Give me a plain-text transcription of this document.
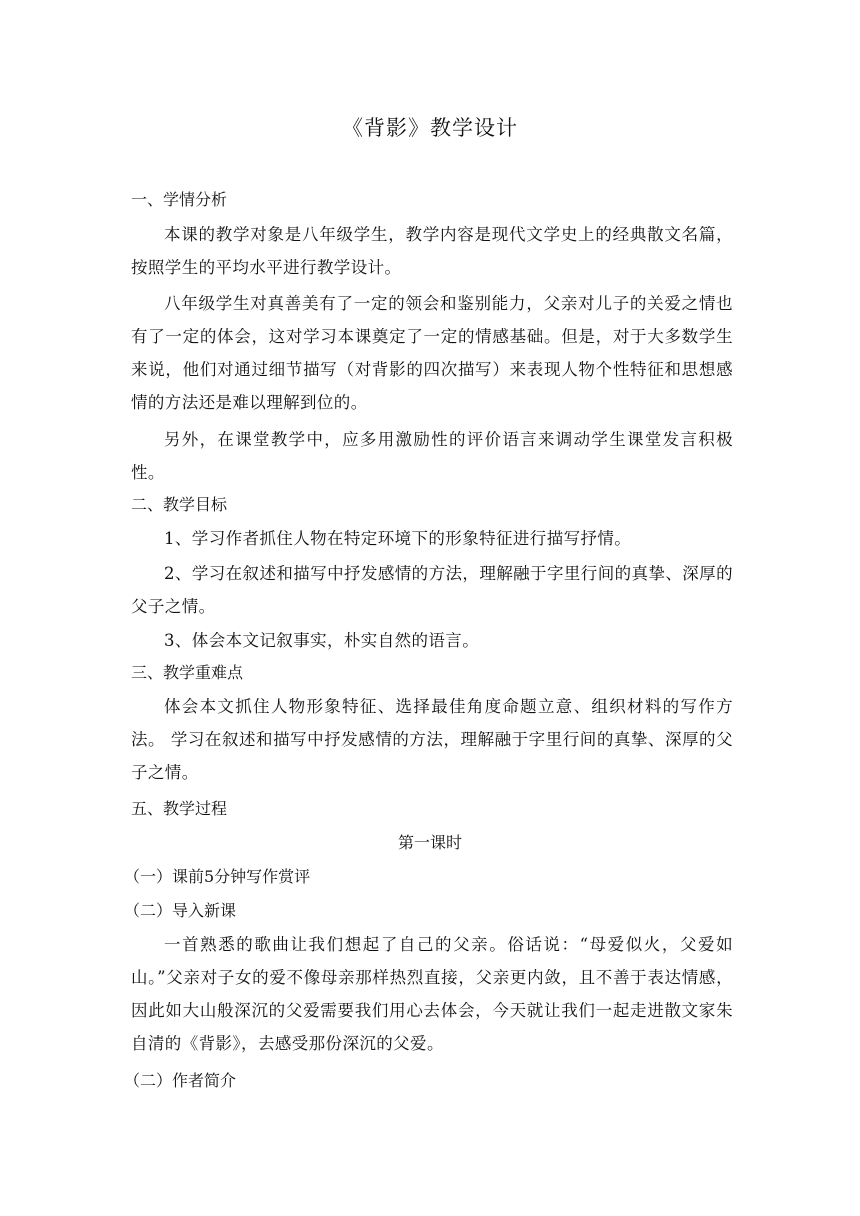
《背影》教学设计
一、学情分析
本课的教学对象是八年级学生，教学内容是现代文学史上的经典散文名篇，按照学生的平均水平进行教学设计。
八年级学生对真善美有了一定的领会和鉴别能力，父亲对儿子的关爱之情也有了一定的体会，这对学习本课奠定了一定的情感基础。但是，对于大多数学生来说，他们对通过细节描写（对背影的四次描写）来表现人物个性特征和思想感情的方法还是难以理解到位的。
另外，在课堂教学中，应多用激励性的评价语言来调动学生课堂发言积极性。
二、教学目标
1、学习作者抓住人物在特定环境下的形象特征进行描写抒情。
2、学习在叙述和描写中抒发感情的方法，理解融于字里行间的真挚、深厚的父子之情。
3、体会本文记叙事实，朴实自然的语言。
三、教学重难点
体会本文抓住人物形象特征、选择最佳角度命题立意、组织材料的写作方法。 学习在叙述和描写中抒发感情的方法，理解融于字里行间的真挚、深厚的父子之情。
五、教学过程
第一课时
（一）课前5分钟写作赏评
（二）导入新课
一首熟悉的歌曲让我们想起了自己的父亲。俗话说：“母爱似火，父爱如山。”父亲对子女的爱不像母亲那样热烈直接，父亲更内敛，且不善于表达情感，因此如大山般深沉的父爱需要我们用心去体会，今天就让我们一起走进散文家朱自清的《背影》，去感受那份深沉的父爱。
（二）作者简介
